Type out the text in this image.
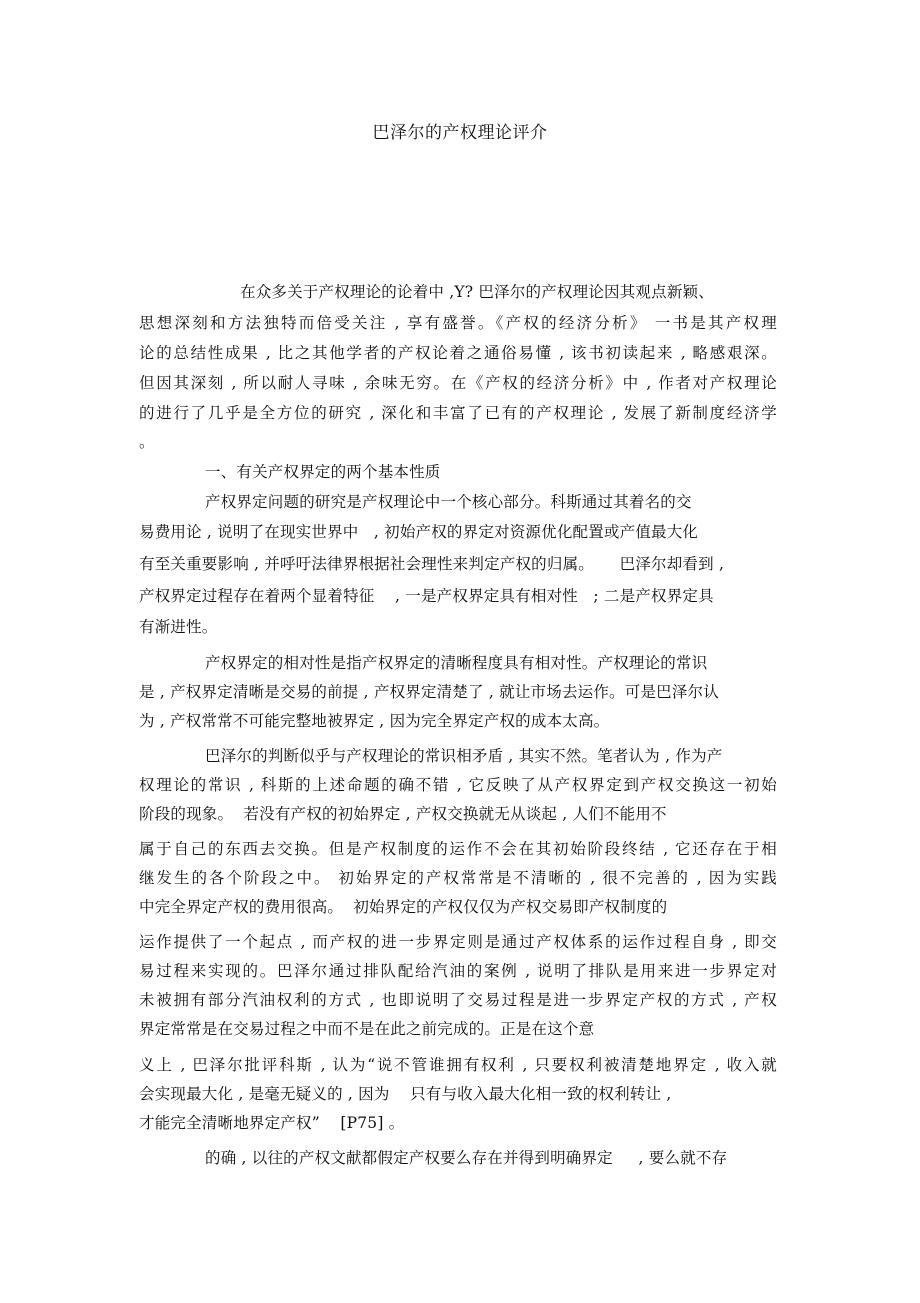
巴泽尔的产权理论评介
在众多关于产权理论的论着中 ,Y? 巴泽尔的产权理论因其观点新颖、
思想深刻和方法独特而倍受关注 , 享有盛誉。《产权的经济分析》 一书是其产权理
论的总结性成果 , 比之其他学者的产权论着之通俗易懂 , 该书初读起来 , 略感艰深。
但因其深刻 , 所以耐人寻味 , 余味无穷。在《产权的经济分析》中 , 作者对产权理论
的进行了几乎是全方位的研究 , 深化和丰富了已有的产权理论 , 发展了新制度经济学
。
一、有关产权界定的两个基本性质
产权界定问题的研究是产权理论中一个核心部分。科斯通过其着名的交
易费用论 , 说明了在现实世界中   , 初始产权的界定对资源优化配置或产值最大化
有至关重要影响 , 并呼吁法律界根据社会理性来判定产权的归属。     巴泽尔却看到 ,
产权界定过程存在着两个显着特征    , 一是产权界定具有相对性   ; 二是产权界定具
有渐进性。
产权界定的相对性是指产权界定的清晰程度具有相对性。产权理论的常识
是 , 产权界定清晰是交易的前提 , 产权界定清楚了 , 就让市场去运作。可是巴泽尔认
为 , 产权常常不可能完整地被界定 , 因为完全界定产权的成本太高。
巴泽尔的判断似乎与产权理论的常识相矛盾 , 其实不然。笔者认为 , 作为产
权理论的常识 , 科斯的上述命题的确不错 , 它反映了从产权界定到产权交换这一初始
阶段的现象。  若没有产权的初始界定 , 产权交换就无从谈起 , 人们不能用不
属于自己的东西去交换。但是产权制度的运作不会在其初始阶段终结 , 它还存在于相
继发生的各个阶段之中。 初始界定的产权常常是不清晰的 , 很不完善的 , 因为实践
中完全界定产权的费用很高。  初始界定的产权仅仅为产权交易即产权制度的
运作提供了一个起点 , 而产权的进一步界定则是通过产权体系的运作过程自身 , 即交
易过程来实现的。巴泽尔通过排队配给汽油的案例 , 说明了排队是用来进一步界定对
未被拥有部分汽油权利的方式 , 也即说明了交易过程是进一步界定产权的方式 , 产权
界定常常是在交易过程之中而不是在此之前完成的。正是在这个意
义上 , 巴泽尔批评科斯 , 认为“说不管谁拥有权利 , 只要权利被清楚地界定 , 收入就
会实现最大化 , 是毫无疑义的 , 因为    只有与收入最大化相一致的权利转让 ,
才能完全清晰地界定产权”    [P75] 。
的确 , 以往的产权文献都假定产权要么存在并得到明确界定     , 要么就不存
